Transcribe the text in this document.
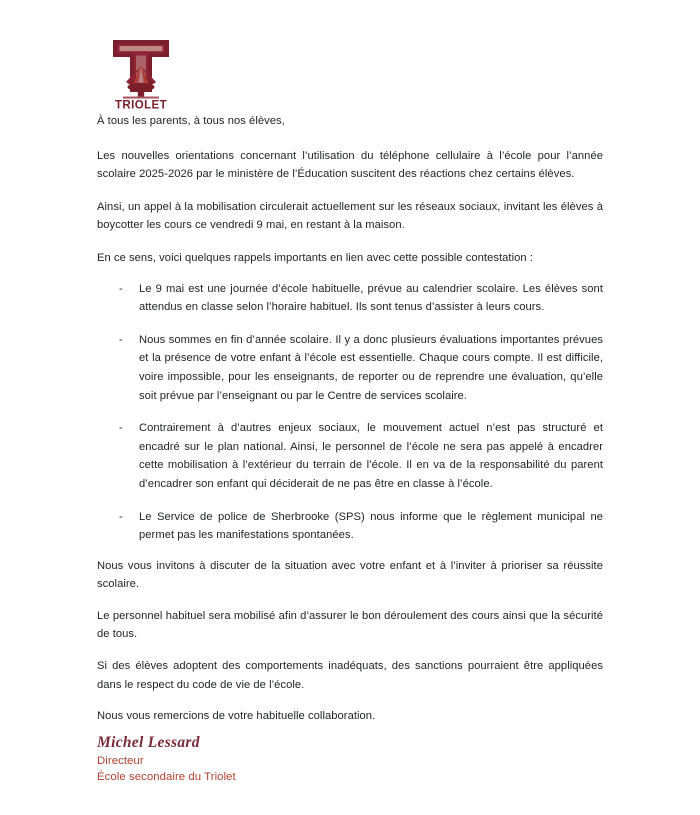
TRIOLET

À tous les parents, à tous nos élèves,

Les nouvelles orientations concernant l’utilisation du téléphone cellulaire à l’école pour l’année scolaire 2025-2026 par le ministère de l’Éducation suscitent des réactions chez certains élèves.

Ainsi, un appel à la mobilisation circulerait actuellement sur les réseaux sociaux, invitant les élèves à boycotter les cours ce vendredi 9 mai, en restant à la maison.

En ce sens, voici quelques rappels importants en lien avec cette possible contestation :

- Le 9 mai est une journée d’école habituelle, prévue au calendrier scolaire. Les élèves sont attendus en classe selon l’horaire habituel. Ils sont tenus d’assister à leurs cours.
- Nous sommes en fin d’année scolaire. Il y a donc plusieurs évaluations importantes prévues et la présence de votre enfant à l’école est essentielle. Chaque cours compte. Il est difficile, voire impossible, pour les enseignants, de reporter ou de reprendre une évaluation, qu’elle soit prévue par l’enseignant ou par le Centre de services scolaire.
- Contrairement à d’autres enjeux sociaux, le mouvement actuel n’est pas structuré et encadré sur le plan national. Ainsi, le personnel de l’école ne sera pas appelé à encadrer cette mobilisation à l’extérieur du terrain de l’école. Il en va de la responsabilité du parent d’encadrer son enfant qui déciderait de ne pas être en classe à l’école.
- Le Service de police de Sherbrooke (SPS) nous informe que le règlement municipal ne permet pas les manifestations spontanées.

Nous vous invitons à discuter de la situation avec votre enfant et à l’inviter à prioriser sa réussite scolaire.

Le personnel habituel sera mobilisé afin d’assurer le bon déroulement des cours ainsi que la sécurité de tous.

Si des élèves adoptent des comportements inadéquats, des sanctions pourraient être appliquées dans le respect du code de vie de l’école.

Nous vous remercions de votre habituelle collaboration.

Michel Lessard

Directeur

École secondaire du Triolet
